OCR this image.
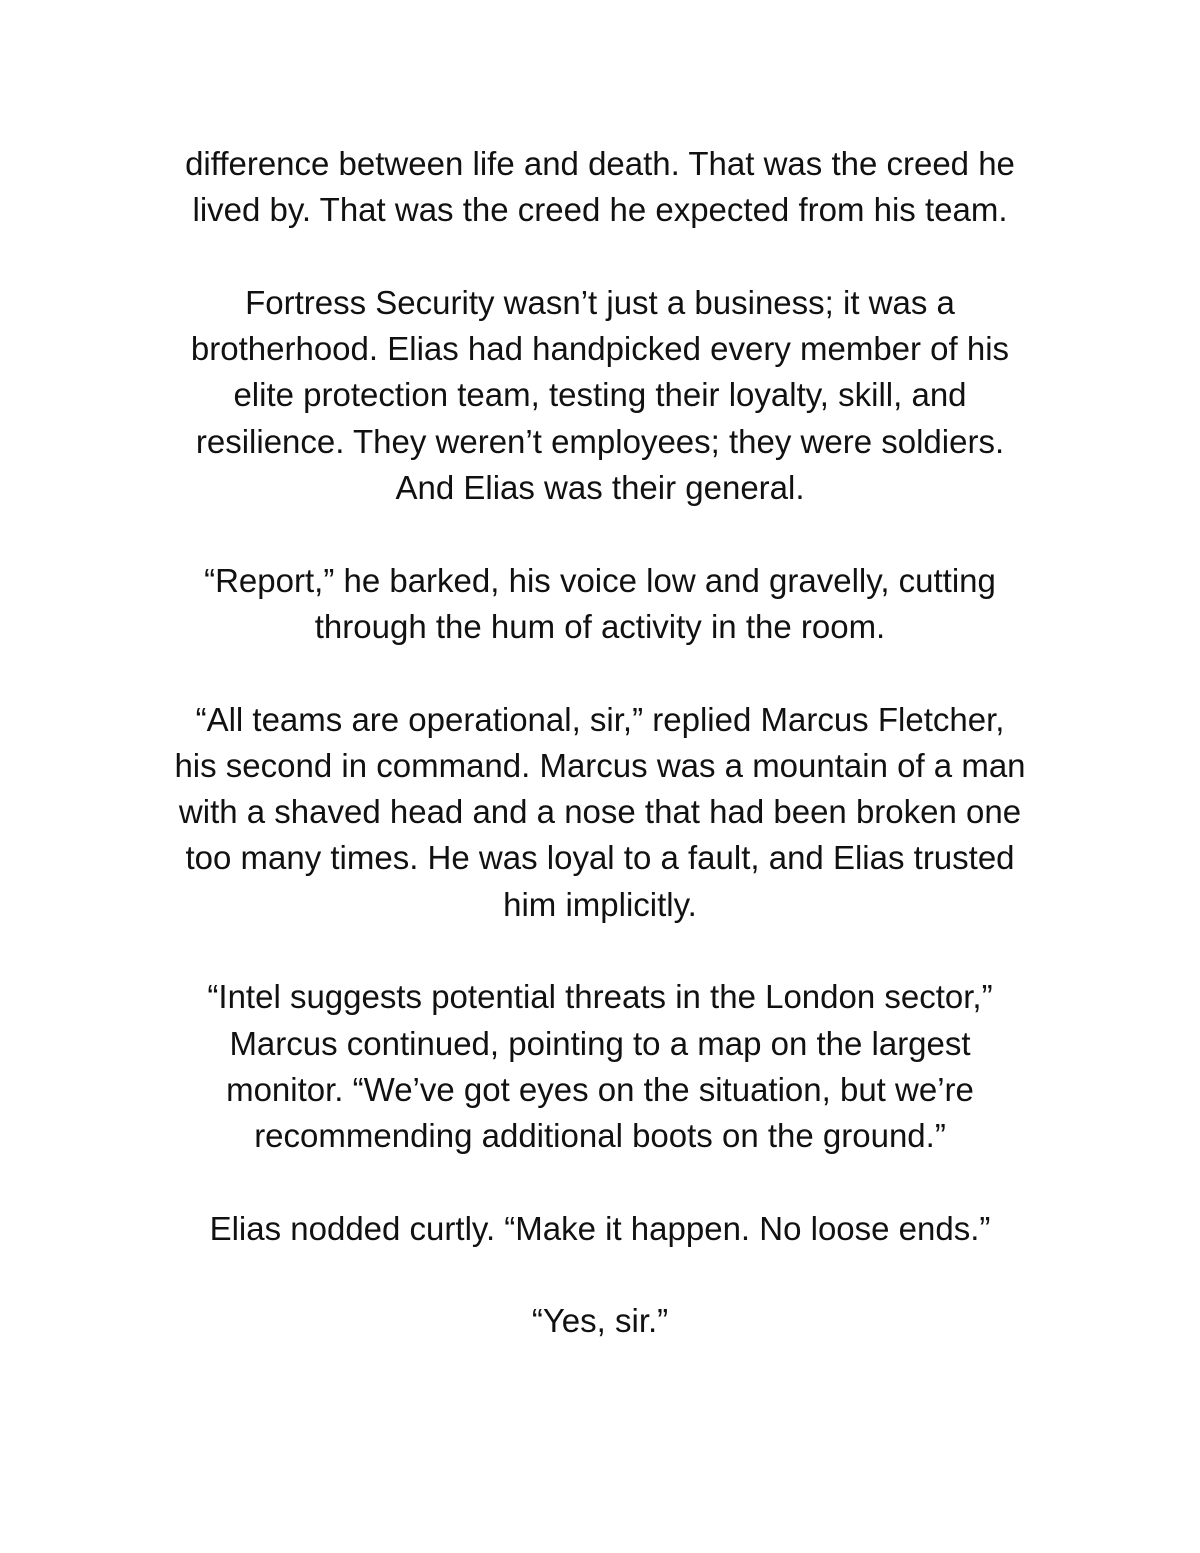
difference between life and death. That was the creed he
lived by. That was the creed he expected from his team.

Fortress Security wasn’t just a business; it was a
brotherhood. Elias had handpicked every member of his
elite protection team, testing their loyalty, skill, and
resilience. They weren’t employees; they were soldiers.
And Elias was their general.

“Report,” he barked, his voice low and gravelly, cutting
through the hum of activity in the room.

“All teams are operational, sir,” replied Marcus Fletcher,
his second in command. Marcus was a mountain of a man
with a shaved head and a nose that had been broken one
too many times. He was loyal to a fault, and Elias trusted
him implicitly.

“Intel suggests potential threats in the London sector,”
Marcus continued, pointing to a map on the largest
monitor. “We’ve got eyes on the situation, but we’re
recommending additional boots on the ground.”

Elias nodded curtly. “Make it happen. No loose ends.”

“Yes, sir.”
